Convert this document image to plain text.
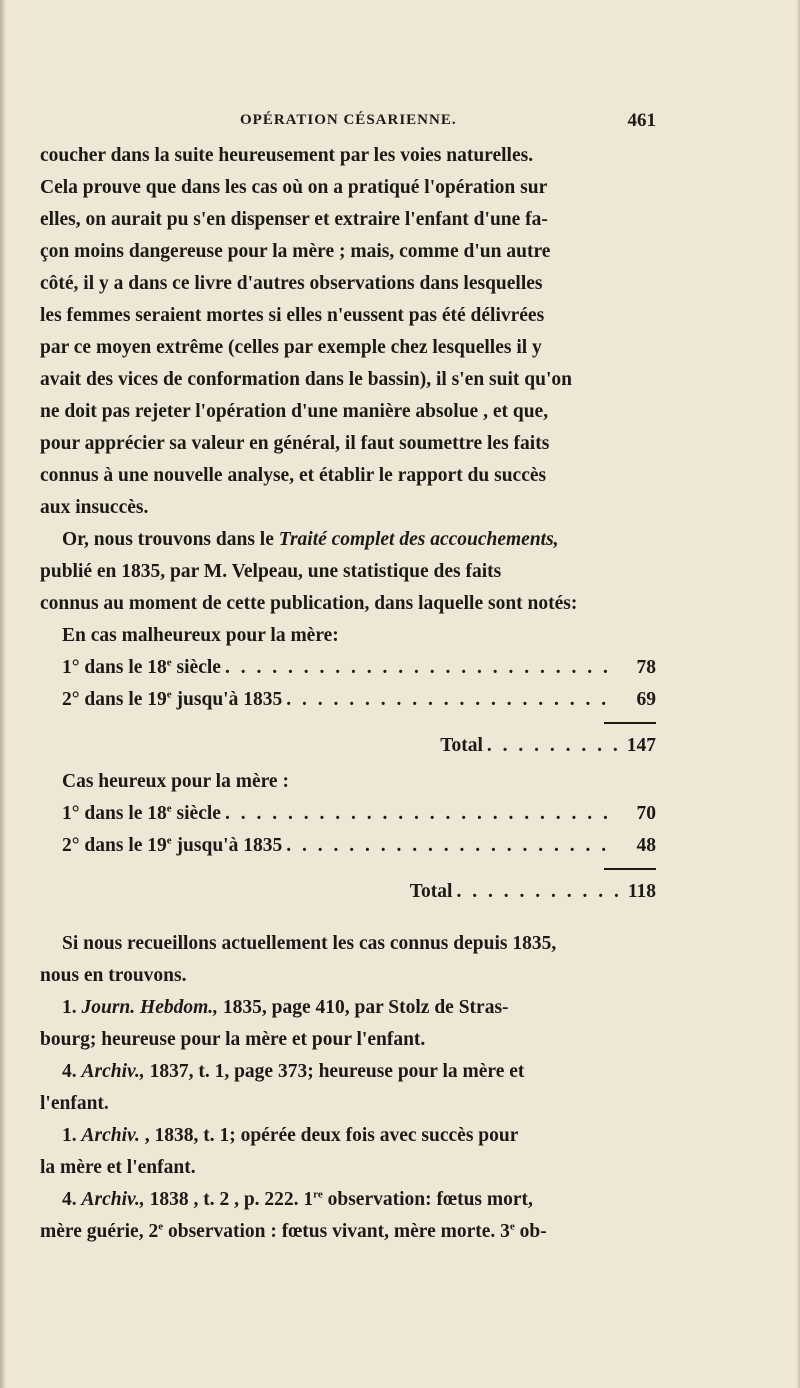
OPÉRATION CÉSARIENNE.	461

coucher dans la suite heureusement par les voies naturelles.
Cela prouve que dans les cas où on a pratiqué l'opération sur
elles, on aurait pu s'en dispenser et extraire l'enfant d'une fa-
çon moins dangereuse pour la mère ; mais, comme d'un autre
côté, il y a dans ce livre d'autres observations dans lesquelles
les femmes seraient mortes si elles n'eussent pas été délivrées
par ce moyen extrême (celles par exemple chez lesquelles il y
avait des vices de conformation dans le bassin), il s'en suit qu'on
ne doit pas rejeter l'opération d'une manière absolue , et que,
pour apprécier sa valeur en général, il faut soumettre les faits
connus à une nouvelle analyse, et établir le rapport du succès
aux insuccès.

Or, nous trouvons dans le Traité complet des accouchements,
publié en 1835, par M. Velpeau, une statistique des faits
connus au moment de cette publication, dans laquelle sont notés:

En cas malheureux pour la mère:
1° dans le 18e siècle . . .	78
2° dans le 19e jusqu'à 1835 . . .	69
Total . . . . . . . . . 147
Cas heureux pour la mère :
1° dans le 18e siècle . . .	70
2° dans le 19e jusqu'à 1835 . . .	48
Total . . . . . . . . . . . 118

Si nous recueillons actuellement les cas connus depuis 1835,
nous en trouvons.

1. Journ. Hebdom., 1835, page 410, par Stolz de Stras-
bourg; heureuse pour la mère et pour l'enfant.

4. Archiv., 1837, t. 1, page 373; heureuse pour la mère et
l'enfant.

1. Archiv. , 1838, t. 1; opérée deux fois avec succès pour
la mère et l'enfant.

4. Archiv., 1838 , t. 2 , p. 222. 1re observation: fœtus mort,
mère guérie, 2e observation : fœtus vivant, mère morte. 3e ob-
